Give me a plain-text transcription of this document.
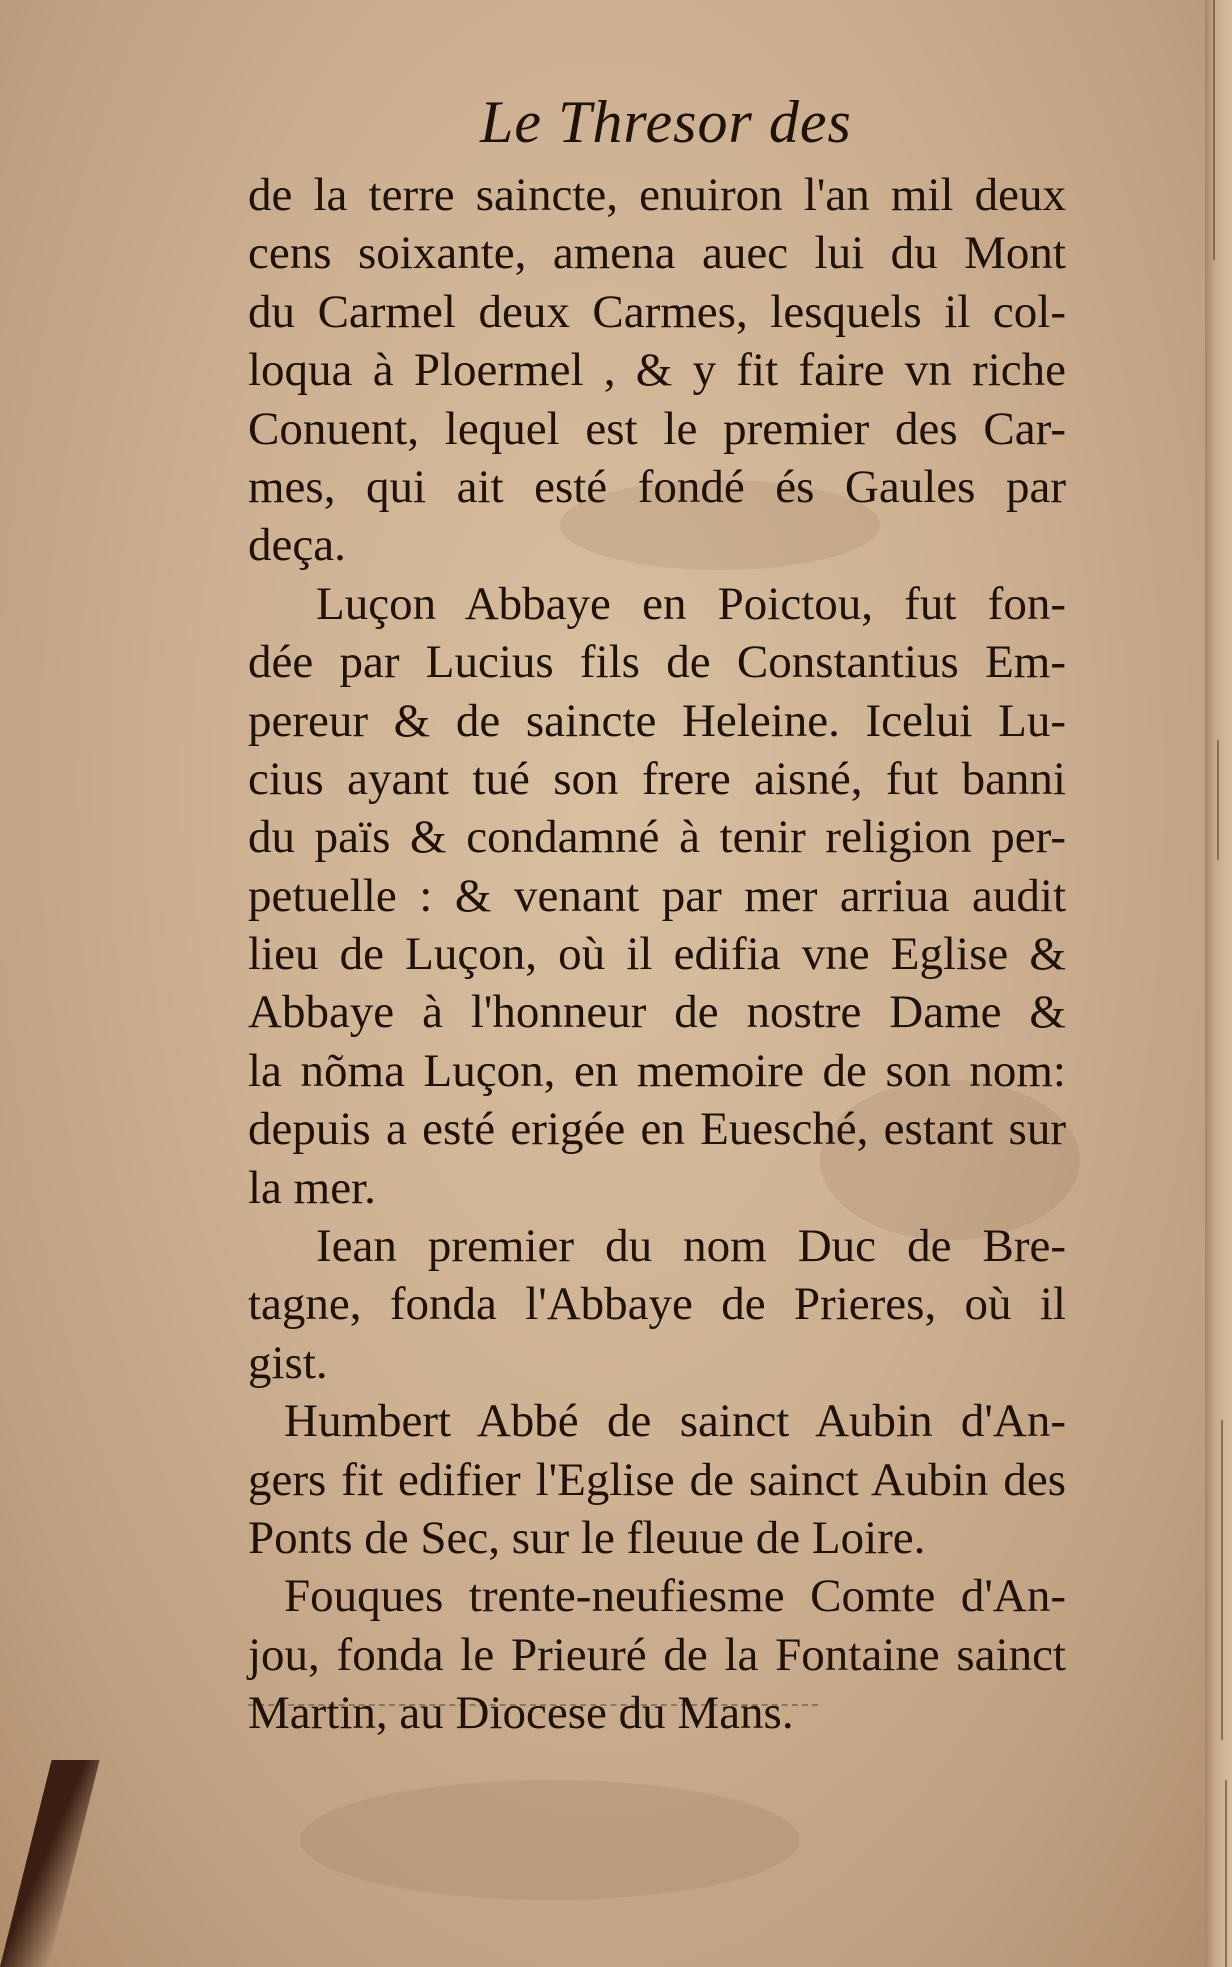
Le Thresor des
de la terre saincte, enuiron l'an mil deux
cens soixante, amena auec lui du Mont
du Carmel deux Carmes, lesquels il col-
loqua à Ploermel , & y fit faire vn riche
Conuent, lequel est le premier des Car-
mes, qui ait esté fondé és Gaules par
deça.
Luçon Abbaye en Poictou, fut fon-
dée par Lucius fils de Constantius Em-
pereur & de saincte Heleine. Icelui Lu-
cius ayant tué son frere aisné, fut banni
du païs & condamné à tenir religion per-
petuelle : & venant par mer arriua audit
lieu de Luçon, où il edifia vne Eglise &
Abbaye à l'honneur de nostre Dame &
la nõma Luçon, en memoire de son nom:
depuis a esté erigée en Euesché, estant sur
la mer.
Iean premier du nom Duc de Bre-
tagne, fonda l'Abbaye de Prieres, où il
gist.
Humbert Abbé de sainct Aubin d'An-
gers fit edifier l'Eglise de sainct Aubin des
Ponts de Sec, sur le fleuue de Loire.
Fouques trente-neufiesme Comte d'An-
jou, fonda le Prieuré de la Fontaine sainct
Martin, au Diocese du Mans.
